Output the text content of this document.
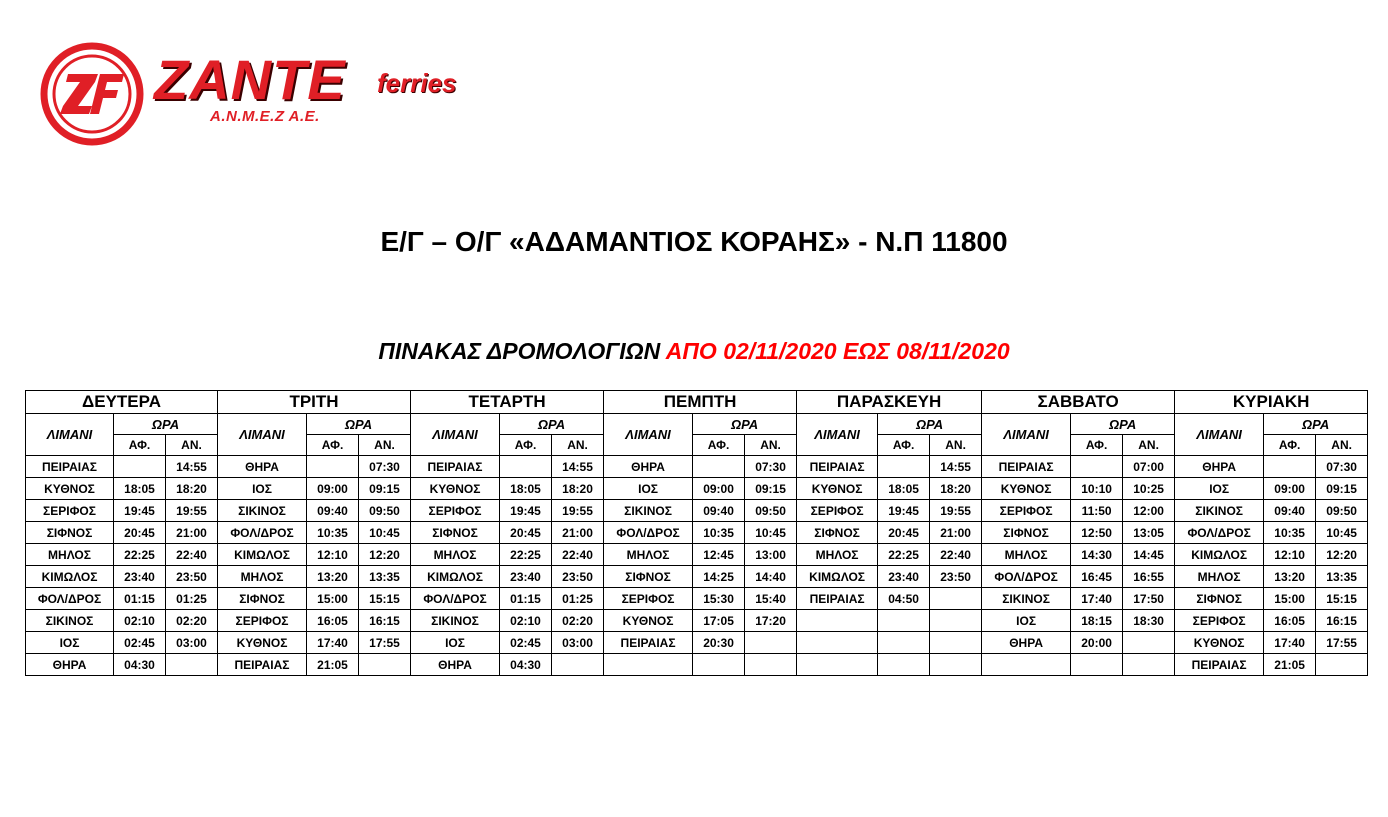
ZANTE ferries
Α.Ν.Μ.Ε.Ζ Α.Ε.
Ε/Γ – Ο/Γ «ΑΔΑΜΑΝΤΙΟΣ ΚΟΡΑΗΣ» - Ν.Π 11800
ΠΙΝΑΚΑΣ ΔΡΟΜΟΛΟΓΙΩΝ ΑΠΟ 02/11/2020 ΕΩΣ 08/11/2020
ΔΕΥΤΕΡΑ			ΤΡΙΤΗ			ΤΕΤΑΡΤΗ			ΠΕΜΠΤΗ			ΠΑΡΑΣΚΕΥΗ			ΣΑΒΒΑΤΟ			ΚΥΡΙΑΚΗ		
ΛΙΜΑΝΙ	ΩΡΑ		ΛΙΜΑΝΙ	ΩΡΑ		ΛΙΜΑΝΙ	ΩΡΑ		ΛΙΜΑΝΙ	ΩΡΑ		ΛΙΜΑΝΙ	ΩΡΑ		ΛΙΜΑΝΙ	ΩΡΑ		ΛΙΜΑΝΙ	ΩΡΑ	
	ΑΦ.	ΑΝ.		ΑΦ.	ΑΝ.		ΑΦ.	ΑΝ.		ΑΦ.	ΑΝ.		ΑΦ.	ΑΝ.		ΑΦ.	ΑΝ.		ΑΦ.	ΑΝ.
ΠΕΙΡΑΙΑΣ		14:55	ΘΗΡΑ		07:30	ΠΕΙΡΑΙΑΣ		14:55	ΘΗΡΑ		07:30	ΠΕΙΡΑΙΑΣ		14:55	ΠΕΙΡΑΙΑΣ		07:00	ΘΗΡΑ		07:30
ΚΥΘΝΟΣ	18:05	18:20	ΙΟΣ	09:00	09:15	ΚΥΘΝΟΣ	18:05	18:20	ΙΟΣ	09:00	09:15	ΚΥΘΝΟΣ	18:05	18:20	ΚΥΘΝΟΣ	10:10	10:25	ΙΟΣ	09:00	09:15
ΣΕΡΙΦΟΣ	19:45	19:55	ΣΙΚΙΝΟΣ	09:40	09:50	ΣΕΡΙΦΟΣ	19:45	19:55	ΣΙΚΙΝΟΣ	09:40	09:50	ΣΕΡΙΦΟΣ	19:45	19:55	ΣΕΡΙΦΟΣ	11:50	12:00	ΣΙΚΙΝΟΣ	09:40	09:50
ΣΙΦΝΟΣ	20:45	21:00	ΦΟΛ/ΔΡΟΣ	10:35	10:45	ΣΙΦΝΟΣ	20:45	21:00	ΦΟΛ/ΔΡΟΣ	10:35	10:45	ΣΙΦΝΟΣ	20:45	21:00	ΣΙΦΝΟΣ	12:50	13:05	ΦΟΛ/ΔΡΟΣ	10:35	10:45
ΜΗΛΟΣ	22:25	22:40	ΚΙΜΩΛΟΣ	12:10	12:20	ΜΗΛΟΣ	22:25	22:40	ΜΗΛΟΣ	12:45	13:00	ΜΗΛΟΣ	22:25	22:40	ΜΗΛΟΣ	14:30	14:45	ΚΙΜΩΛΟΣ	12:10	12:20
ΚΙΜΩΛΟΣ	23:40	23:50	ΜΗΛΟΣ	13:20	13:35	ΚΙΜΩΛΟΣ	23:40	23:50	ΣΙΦΝΟΣ	14:25	14:40	ΚΙΜΩΛΟΣ	23:40	23:50	ΦΟΛ/ΔΡΟΣ	16:45	16:55	ΜΗΛΟΣ	13:20	13:35
ΦΟΛ/ΔΡΟΣ	01:15	01:25	ΣΙΦΝΟΣ	15:00	15:15	ΦΟΛ/ΔΡΟΣ	01:15	01:25	ΣΕΡΙΦΟΣ	15:30	15:40	ΠΕΙΡΑΙΑΣ	04:50		ΣΙΚΙΝΟΣ	17:40	17:50	ΣΙΦΝΟΣ	15:00	15:15
ΣΙΚΙΝΟΣ	02:10	02:20	ΣΕΡΙΦΟΣ	16:05	16:15	ΣΙΚΙΝΟΣ	02:10	02:20	ΚΥΘΝΟΣ	17:05	17:20				ΙΟΣ	18:15	18:30	ΣΕΡΙΦΟΣ	16:05	16:15
ΙΟΣ	02:45	03:00	ΚΥΘΝΟΣ	17:40	17:55	ΙΟΣ	02:45	03:00	ΠΕΙΡΑΙΑΣ	20:30					ΘΗΡΑ	20:00		ΚΥΘΝΟΣ	17:40	17:55
ΘΗΡΑ	04:30		ΠΕΙΡΑΙΑΣ	21:05		ΘΗΡΑ	04:30											ΠΕΙΡΑΙΑΣ	21:05	
